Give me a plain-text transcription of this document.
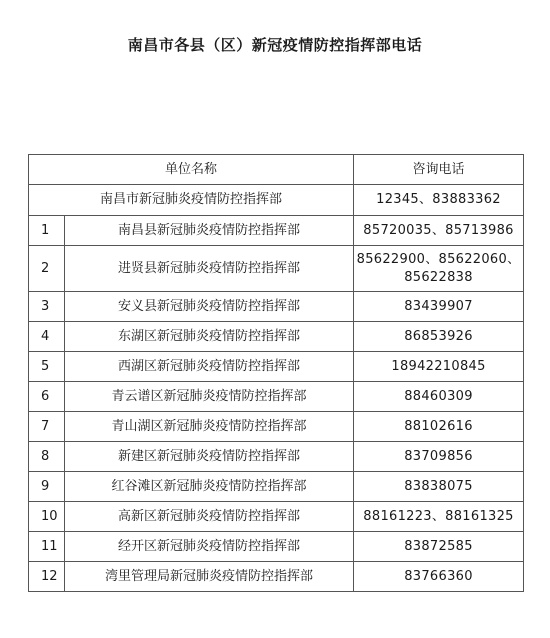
南昌市各县（区）新冠疫情防控指挥部电话
单位名称		咨询电话
南昌市新冠肺炎疫情防控指挥部		12345、83883362
1	南昌县新冠肺炎疫情防控指挥部	85720035、85713986
2	进贤县新冠肺炎疫情防控指挥部	85622900、85622060、85622838
3	安义县新冠肺炎疫情防控指挥部	83439907
4	东湖区新冠肺炎疫情防控指挥部	86853926
5	西湖区新冠肺炎疫情防控指挥部	18942210845
6	青云谱区新冠肺炎疫情防控指挥部	88460309
7	青山湖区新冠肺炎疫情防控指挥部	88102616
8	新建区新冠肺炎疫情防控指挥部	83709856
9	红谷滩区新冠肺炎疫情防控指挥部	83838075
10	高新区新冠肺炎疫情防控指挥部	88161223、88161325
11	经开区新冠肺炎疫情防控指挥部	83872585
12	湾里管理局新冠肺炎疫情防控指挥部	83766360
